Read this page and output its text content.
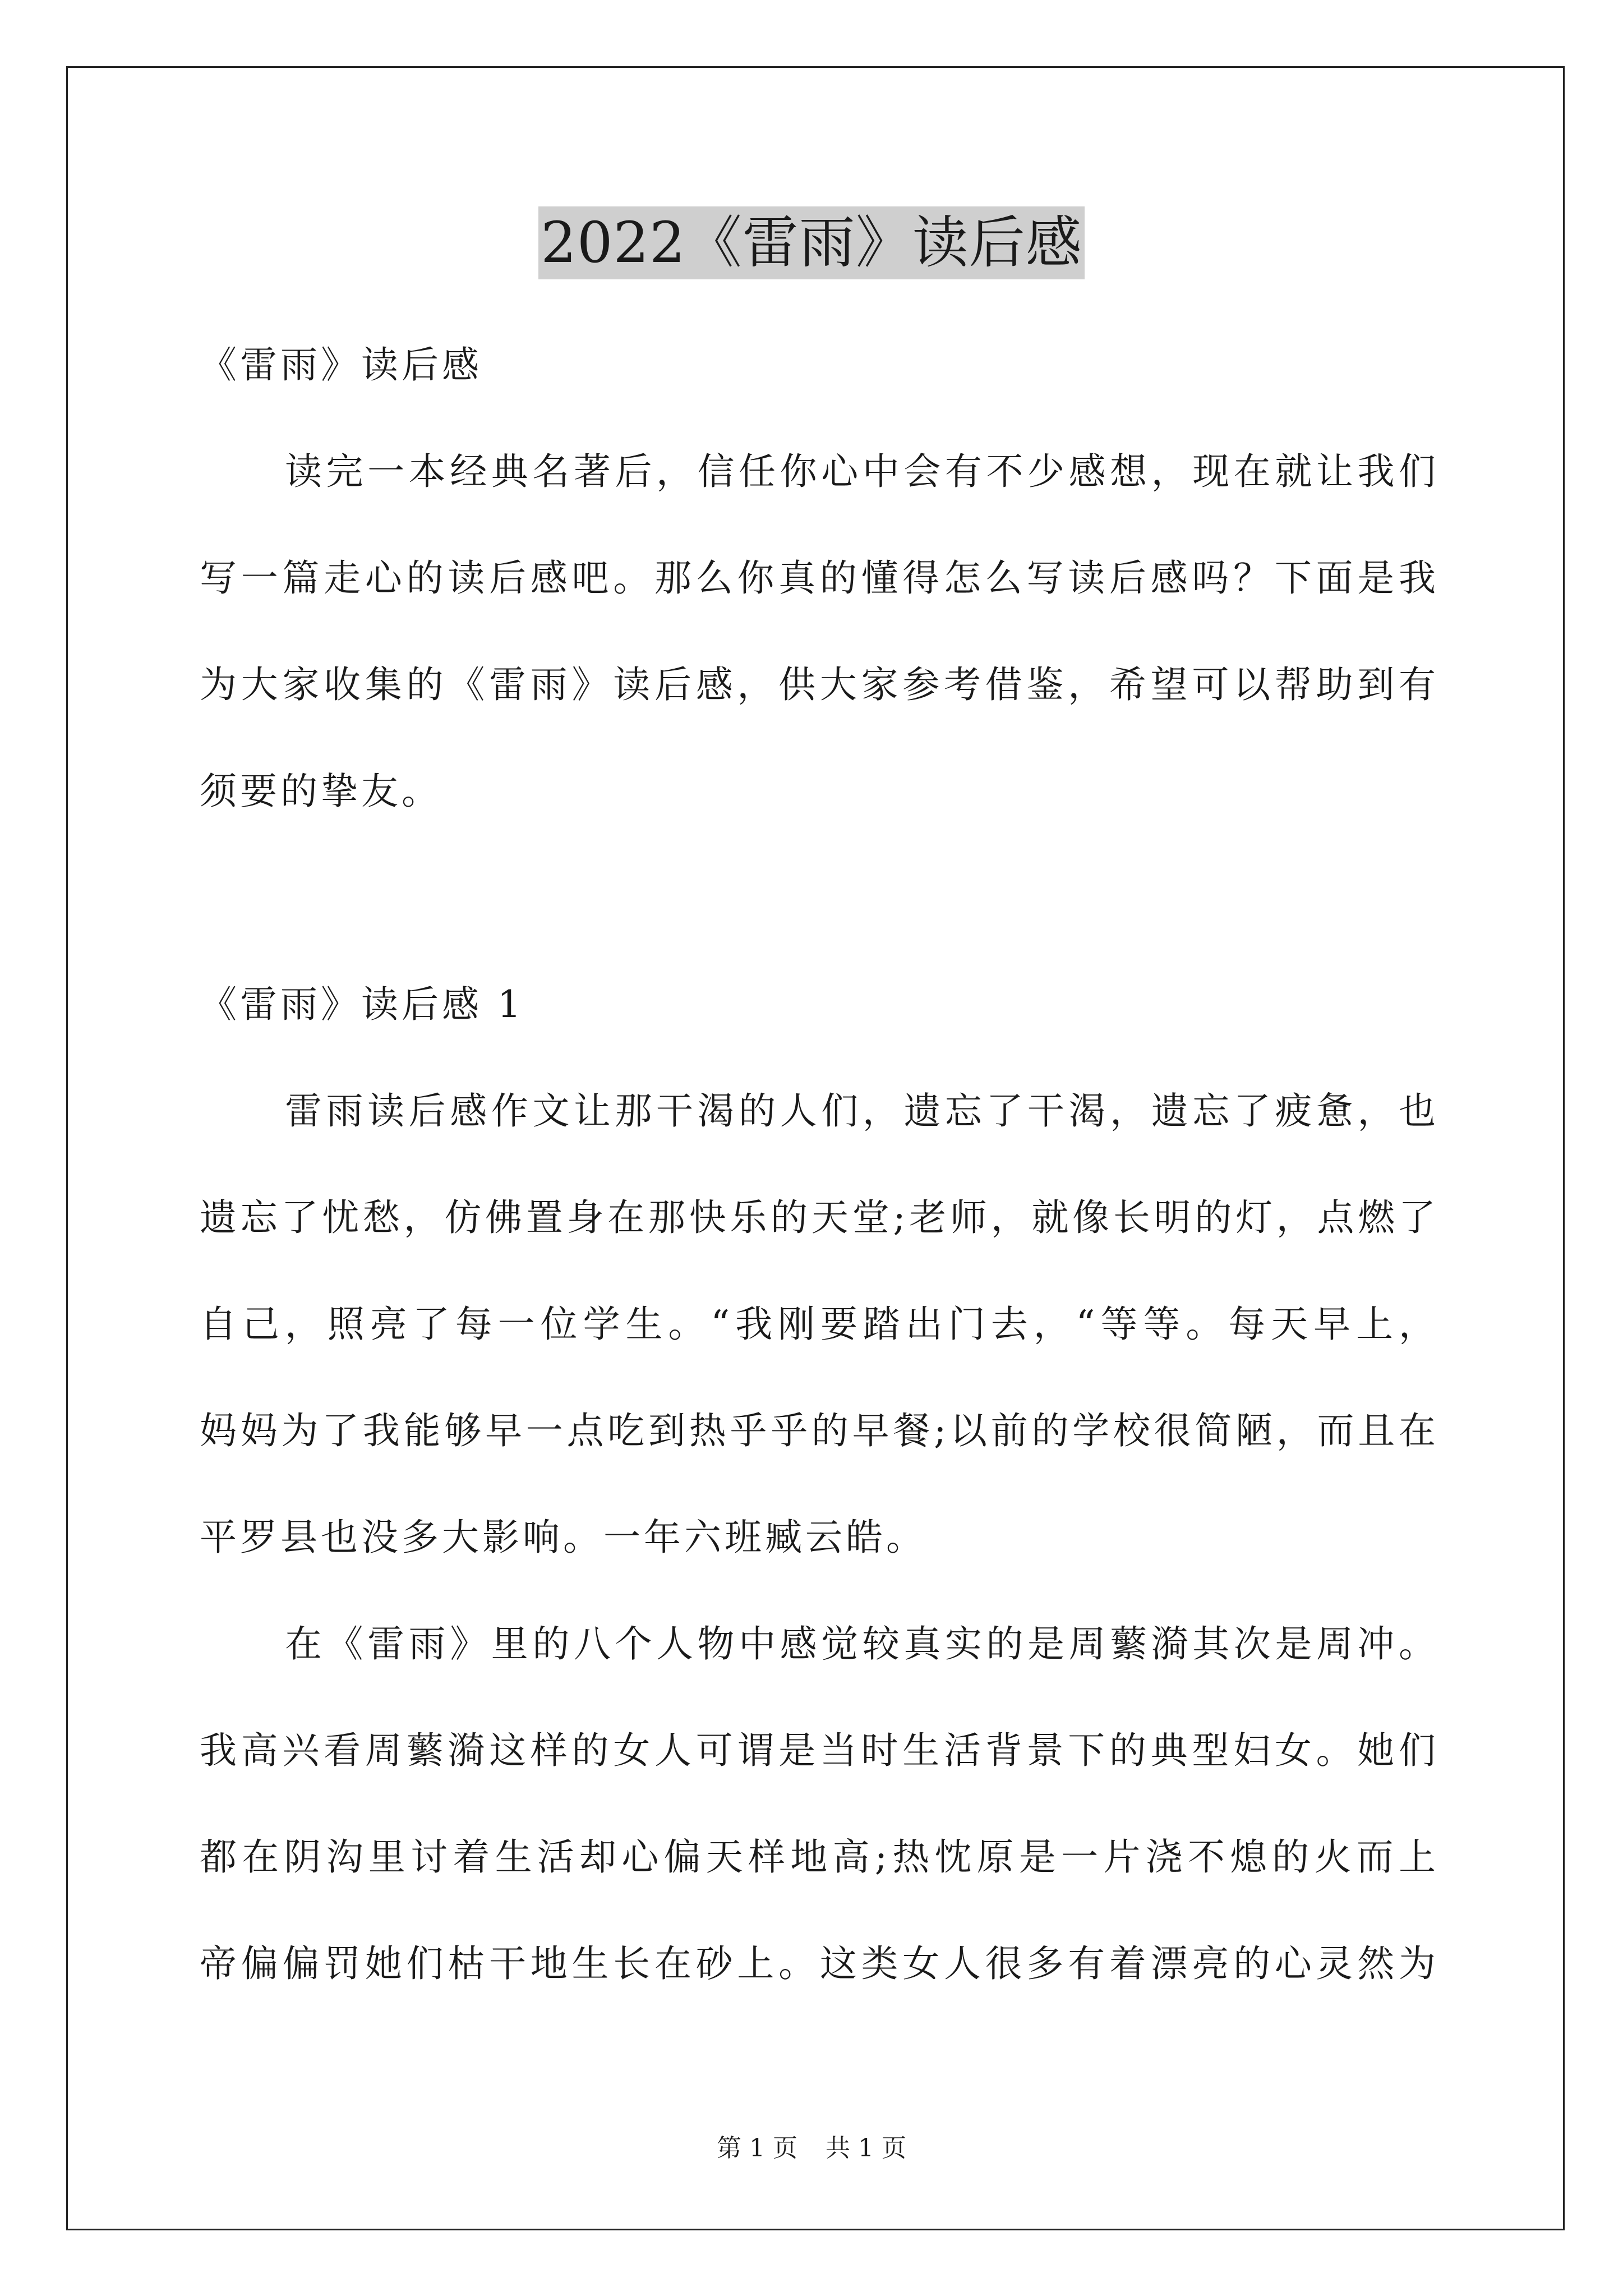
2022《雷雨》读后感
《雷雨》读后感
读完一本经典名著后，信任你心中会有不少感想，现在就让我们
写一篇走心的读后感吧。那么你真的懂得怎么写读后感吗？下面是我
为大家收集的《雷雨》读后感，供大家参考借鉴，希望可以帮助到有
须要的挚友。
《雷雨》读后感 1
雷雨读后感作文让那干渴的人们，遗忘了干渴，遗忘了疲惫，也
遗忘了忧愁，仿佛置身在那快乐的天堂;老师，就像长明的灯，点燃了
自己，照亮了每一位学生。“我刚要踏出门去，“等等。每天早上，
妈妈为了我能够早一点吃到热乎乎的早餐;以前的学校很简陋，而且在
平罗县也没多大影响。一年六班臧云皓。
在《雷雨》里的八个人物中感觉较真实的是周蘩漪其次是周冲。
我高兴看周蘩漪这样的女人可谓是当时生活背景下的典型妇女。她们
都在阴沟里讨着生活却心偏天样地高;热忱原是一片浇不熄的火而上
帝偏偏罚她们枯干地生长在砂上。这类女人很多有着漂亮的心灵然为
第 1 页 共 1 页
